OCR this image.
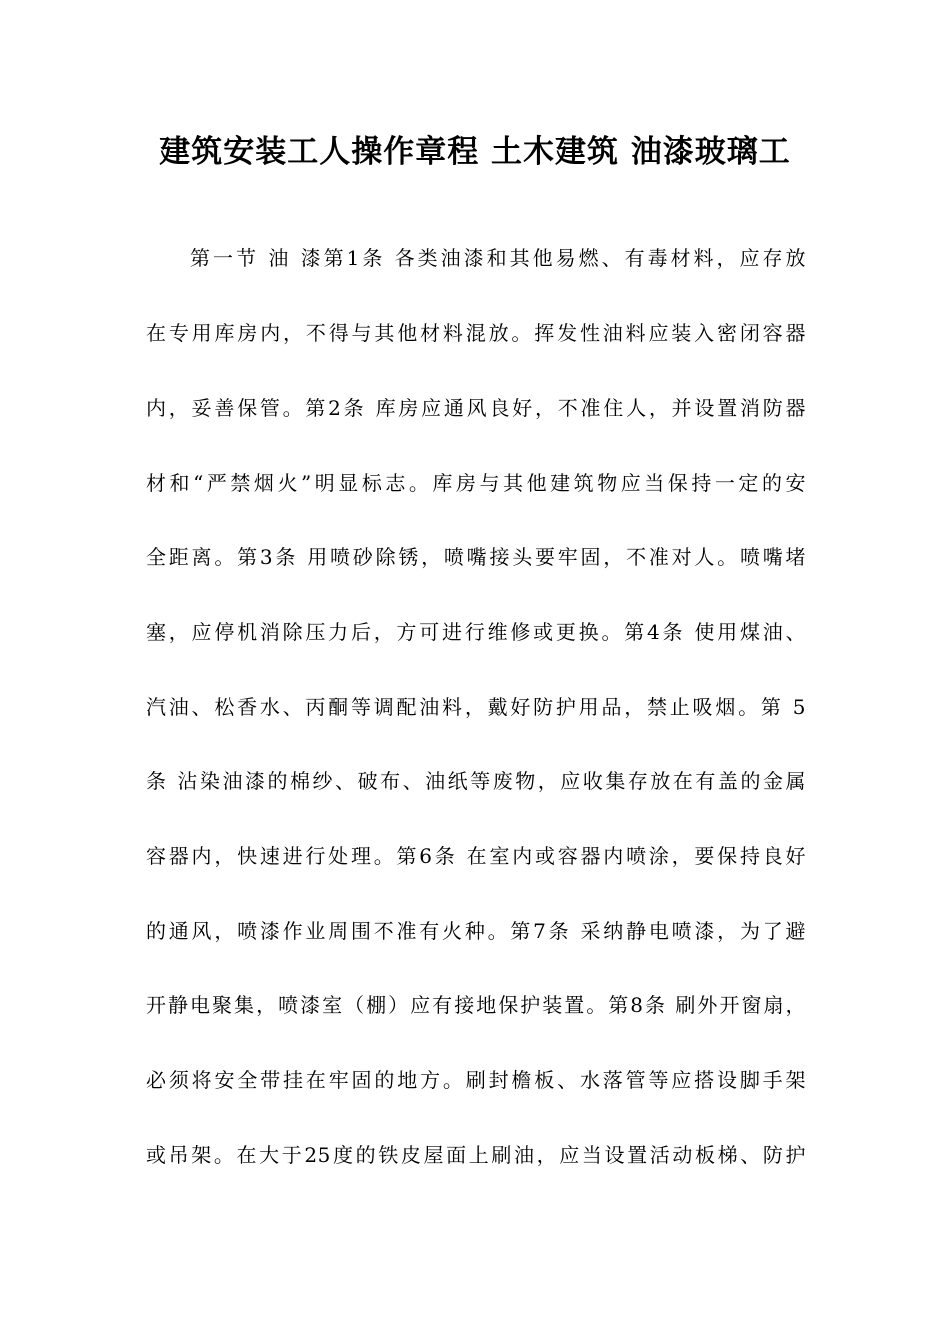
建筑安装工人操作章程 土木建筑 油漆玻璃工
第一节 油 漆第1条 各类油漆和其他易燃、有毒材料，应存放
在专用库房内，不得与其他材料混放。挥发性油料应装入密闭容器
内，妥善保管。第2条 库房应通风良好，不准住人，并设置消防器
材和“严禁烟火”明显标志。库房与其他建筑物应当保持一定的安
全距离。第3条 用喷砂除锈，喷嘴接头要牢固，不准对人。喷嘴堵
塞，应停机消除压力后，方可进行维修或更换。第4条 使用煤油、
汽油、松香水、丙酮等调配油料，戴好防护用品，禁止吸烟。第 5
条 沾染油漆的棉纱、破布、油纸等废物，应收集存放在有盖的金属
容器内，快速进行处理。第6条 在室内或容器内喷涂，要保持良好
的通风，喷漆作业周围不准有火种。第7条 采纳静电喷漆，为了避
开静电聚集，喷漆室（棚）应有接地保护装置。第8条 刷外开窗扇，
必须将安全带挂在牢固的地方。刷封檐板、水落管等应搭设脚手架
或吊架。在大于25度的铁皮屋面上刷油，应当设置活动板梯、防护
